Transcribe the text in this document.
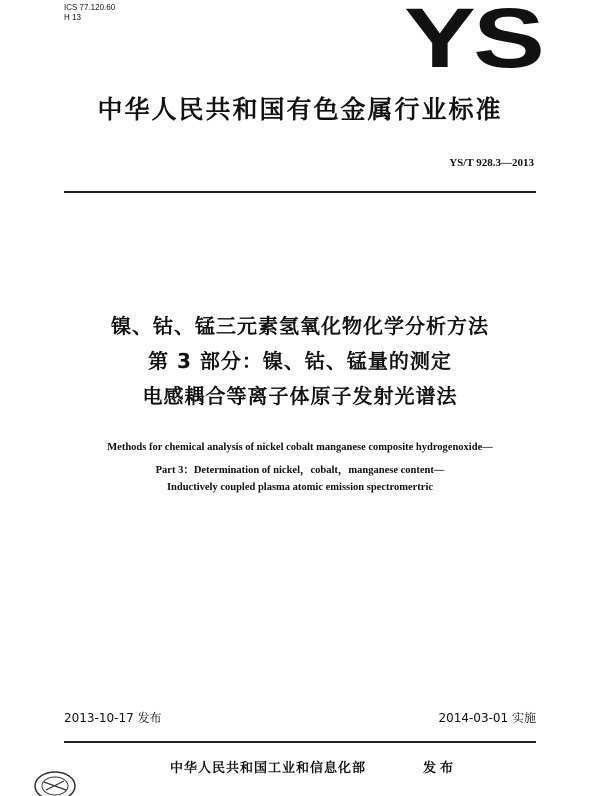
ICS 77.120.60
H 13	YS
中华人民共和国有色金属行业标准
YS/T 928.3—2013
镍、钴、锰三元素氢氧化物化学分析方法
第 3 部分：镍、钴、锰量的测定
电感耦合等离子体原子发射光谱法
Methods for chemical analysis of nickel cobalt manganese composite hydrogenoxide—
Part 3：Determination of nickel，cobalt，manganese content—
Inductively coupled plasma atomic emission spectromertric
2013-10-17 发布	2014-03-01 实施
中华人民共和国工业和信息化部	发布
